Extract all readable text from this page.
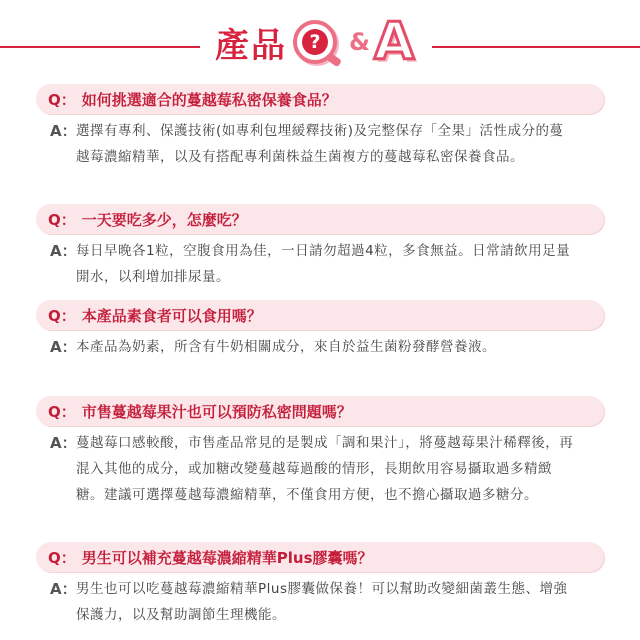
產品	?	& A
Q： 如何挑選適合的蔓越莓私密保養食品？
A： 選擇有專利、保護技術(如專利包埋緩釋技術)及完整保存「全果」活性成分的蔓越莓濃縮精華，以及有搭配專利菌株益生菌複方的蔓越莓私密保養食品。
Q： 一天要吃多少，怎麼吃？
A： 每日早晚各1粒，空腹食用為佳，一日請勿超過4粒，多食無益。日常請飲用足量開水，以利增加排尿量。
Q： 本產品素食者可以食用嗎？
A： 本產品為奶素，所含有牛奶相關成分，來自於益生菌粉發酵營養液。
Q： 市售蔓越莓果汁也可以預防私密問題嗎？
A： 蔓越莓口感較酸，市售產品常見的是製成「調和果汁」，將蔓越莓果汁稀釋後，再混入其他的成分，或加糖改變蔓越莓過酸的情形，長期飲用容易攝取過多精緻糖。建議可選擇蔓越莓濃縮精華，不僅食用方便，也不擔心攝取過多糖分。
Q： 男生可以補充蔓越莓濃縮精華Plus膠囊嗎？
A： 男生也可以吃蔓越莓濃縮精華Plus膠囊做保養！可以幫助改變細菌叢生態、增強保護力，以及幫助調節生理機能。
